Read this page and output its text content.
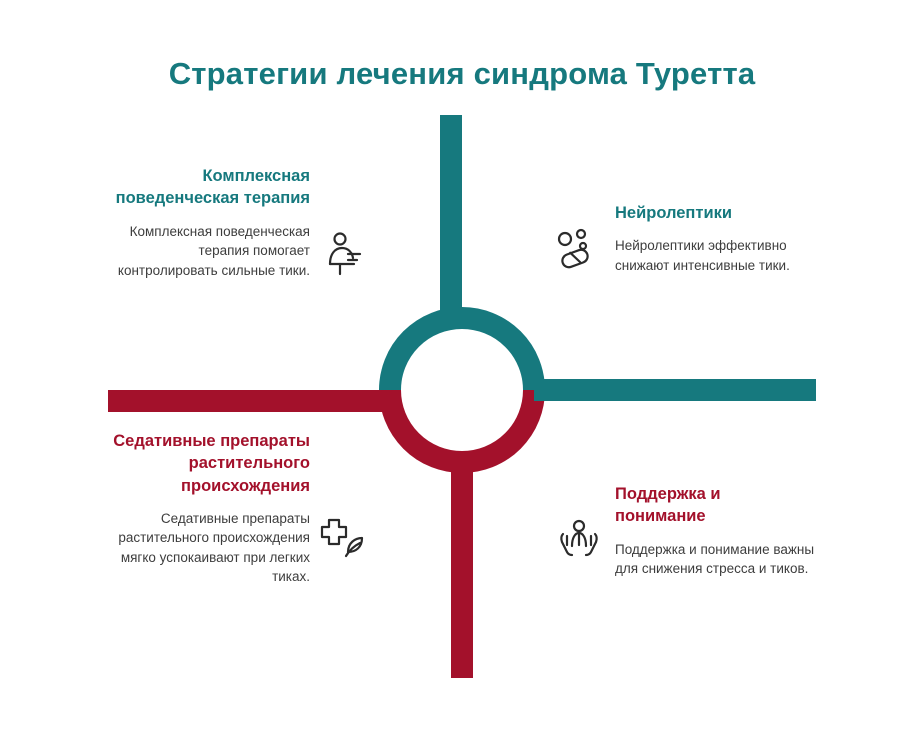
Стратегии лечения синдрома Туретта

Комплексная поведенческая терапия

Комплексная поведенческая терапия помогает контролировать сильные тики.

Нейролептики

Нейролептики эффективно снижают интенсивные тики.

Седативные препараты растительного происхождения

Седативные препараты растительного происхождения мягко успокаивают при легких тиках.

Поддержка и понимание

Поддержка и понимание важны для снижения стресса и тиков.
